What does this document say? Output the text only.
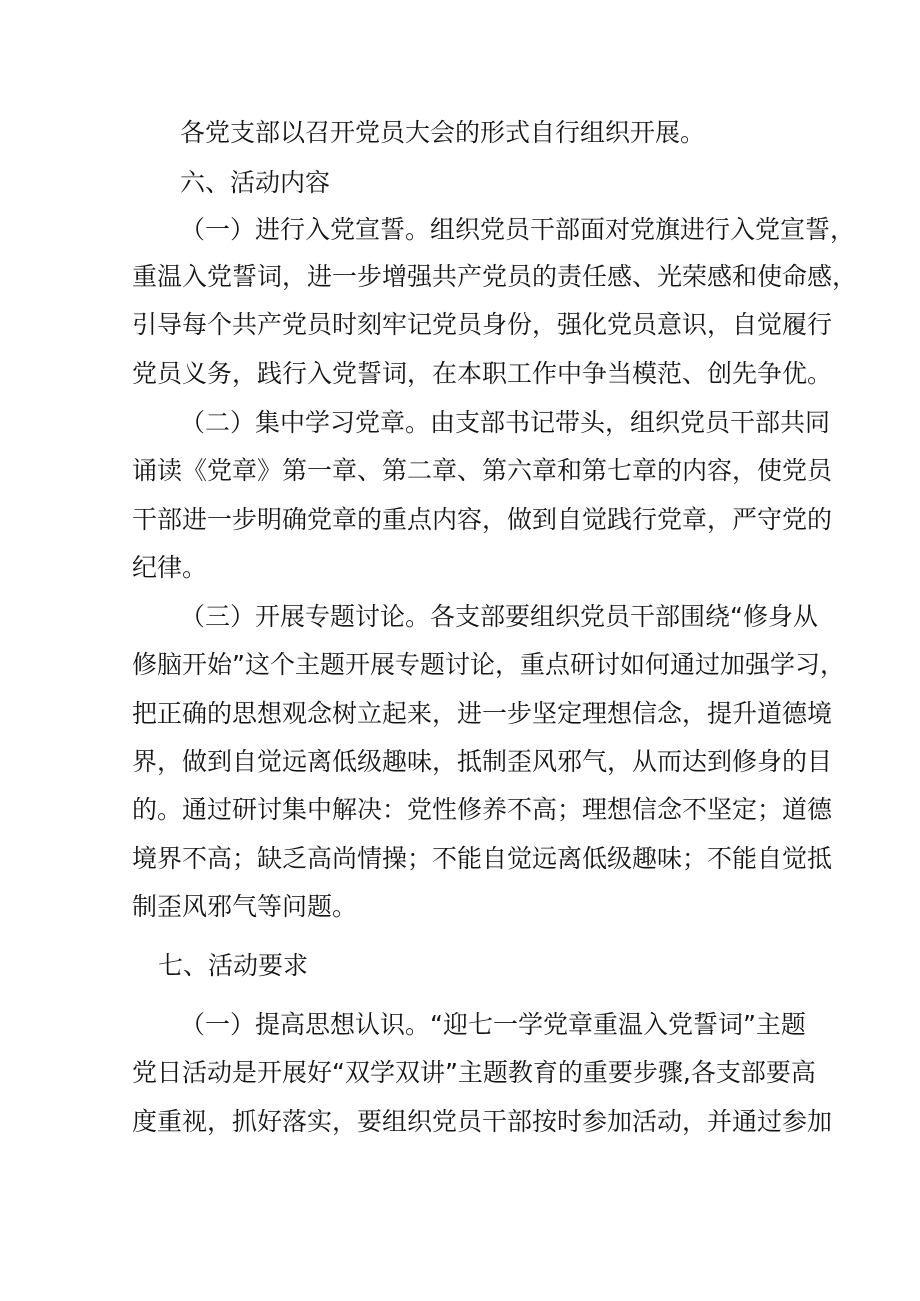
各党支部以召开党员大会的形式自行组织开展。
六、活动内容
（一）进行入党宣誓。组织党员干部面对党旗进行入党宣誓，
重温入党誓词，进一步增强共产党员的责任感、光荣感和使命感，
引导每个共产党员时刻牢记党员身份，强化党员意识，自觉履行
党员义务，践行入党誓词，在本职工作中争当模范、创先争优。
（二）集中学习党章。由支部书记带头，组织党员干部共同
诵读《党章》第一章、第二章、第六章和第七章的内容，使党员
干部进一步明确党章的重点内容，做到自觉践行党章，严守党的
纪律。
（三）开展专题讨论。各支部要组织党员干部围绕“修身从
修脑开始”这个主题开展专题讨论，重点研讨如何通过加强学习，
把正确的思想观念树立起来，进一步坚定理想信念，提升道德境
界，做到自觉远离低级趣味，抵制歪风邪气，从而达到修身的目
的。通过研讨集中解决：党性修养不高；理想信念不坚定；道德
境界不高；缺乏高尚情操；不能自觉远离低级趣味；不能自觉抵
制歪风邪气等问题。
七、活动要求
（一）提高思想认识。“迎七一学党章重温入党誓词”主题
党日活动是开展好“双学双讲”主题教育的重要步骤,各支部要高
度重视，抓好落实，要组织党员干部按时参加活动，并通过参加
